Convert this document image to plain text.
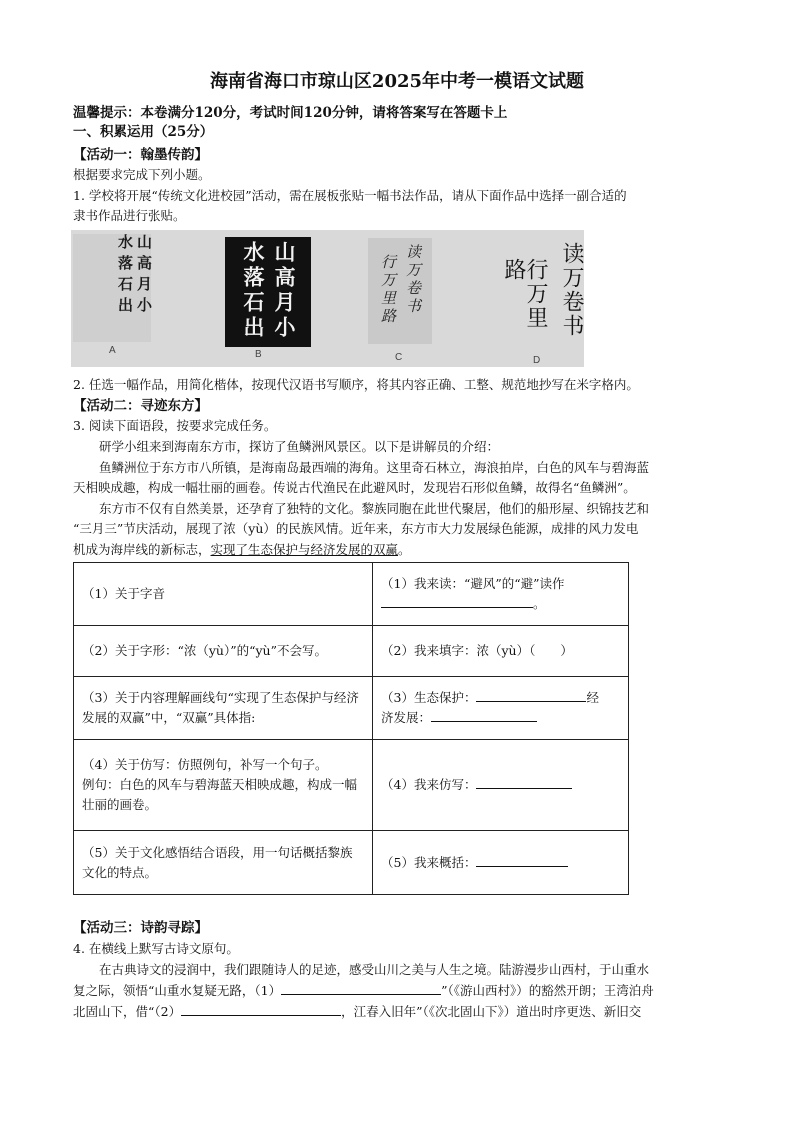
海南省海口市琼山区2025年中考一模语文试题
温馨提示：本卷满分120分，考试时间120分钟，请将答案写在答题卡上
一、积累运用（25分）
【活动一：翰墨传韵】
根据要求完成下列小题。
1. 学校将开展“传统文化进校园”活动，需在展板张贴一幅书法作品，请从下面作品中选择一副合适的
隶书作品进行张贴。
山高月小
水落石出	山高月小
水落石出	读万卷书
行万里路	读万卷书
行万里路
A	B	C	D
2. 任选一幅作品，用简化楷体，按现代汉语书写顺序，将其内容正确、工整、规范地抄写在米字格内。
【活动二：寻迹东方】
3. 阅读下面语段，按要求完成任务。
研学小组来到海南东方市，探访了鱼鳞洲风景区。以下是讲解员的介绍：
鱼鳞洲位于东方市八所镇，是海南岛最西端的海角。这里奇石林立，海浪拍岸，白色的风车与碧海蓝
天相映成趣，构成一幅壮丽的画卷。传说古代渔民在此避风时，发现岩石形似鱼鳞，故得名“鱼鳞洲”。
东方市不仅有自然美景，还孕育了独特的文化。黎族同胞在此世代聚居，他们的船形屋、织锦技艺和
“三月三”节庆活动，展现了浓（yù）的民族风情。近年来，东方市大力发展绿色能源，成排的风力发电
机成为海岸线的新标志，实现了生态保护与经济发展的双赢。
（1）关于字音	（1）我来读：“避风”的“避”读作
。

（2）关于字形：“浓（yù）”的“yù”不会写。	（2）我来填字：浓（yù）（　　）
（3）关于内容理解画线句“实现了生态保护与经济发展的双赢”中，“双赢”具体指:	（3）生态保护： 经
济发展：

（4）关于仿写：仿照例句，补写一个句子。
例句：白色的风车与碧海蓝天相映成趣，构成一幅壮丽的画卷。	（4）我来仿写：
（5）关于文化感悟结合语段，用一句话概括黎族文化的特点。	（5）我来概括：
【活动三：诗韵寻踪】
4. 在横线上默写古诗文原句。
在古典诗文的浸润中，我们跟随诗人的足迹，感受山川之美与人生之境。陆游漫步山西村，于山重水
复之际，领悟“山重水复疑无路，（1）	”（《游山西村》）的豁然开朗；王湾泊舟
北固山下，借“（2）	，江春入旧年”（《次北固山下》）道出时序更迭、新旧交
